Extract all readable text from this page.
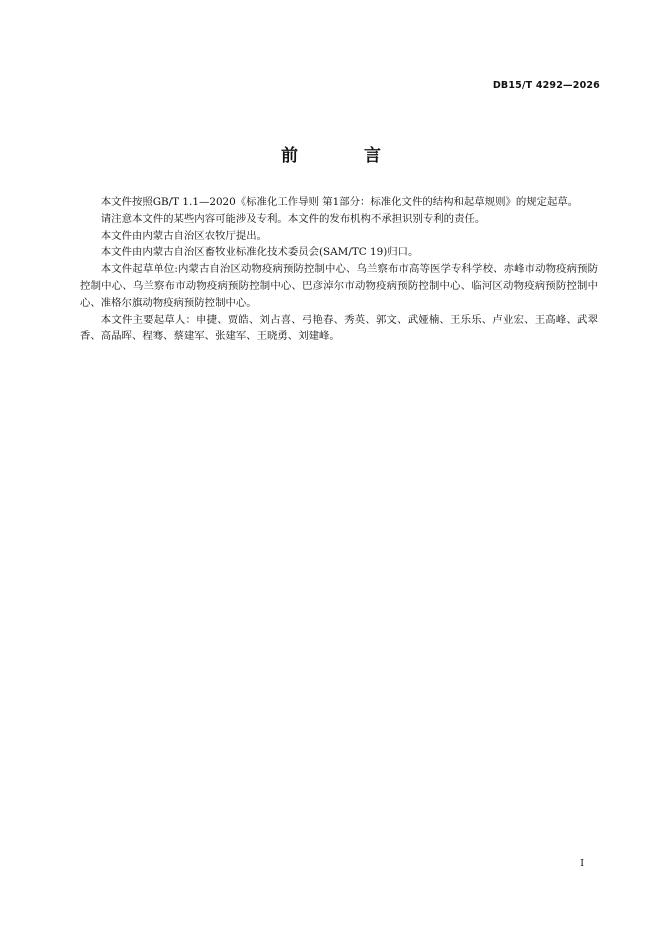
DB15/T 4292—2026
前 言

本文件按照GB/T 1.1—2020《标准化工作导则 第1部分：标准化文件的结构和起草规则》的规定起草。

请注意本文件的某些内容可能涉及专利。本文件的发布机构不承担识别专利的责任。

本文件由内蒙古自治区农牧厅提出。

本文件由内蒙古自治区畜牧业标准化技术委员会(SAM/TC 19)归口。

本文件起草单位:内蒙古自治区动物疫病预防控制中心、乌兰察布市高等医学专科学校、赤峰市动物疫病预防控制中心、乌兰察布市动物疫病预防控制中心、巴彦淖尔市动物疫病预防控制中心、临河区动物疫病预防控制中心、准格尔旗动物疫病预防控制中心。

本文件主要起草人：申捷、贾皓、刘占喜、弓艳春、秀英、郭文、武娅楠、王乐乐、卢业宏、王高峰、武翠香、高晶晖、程骞、蔡建军、张建军、王晓勇、刘建峰。

I
